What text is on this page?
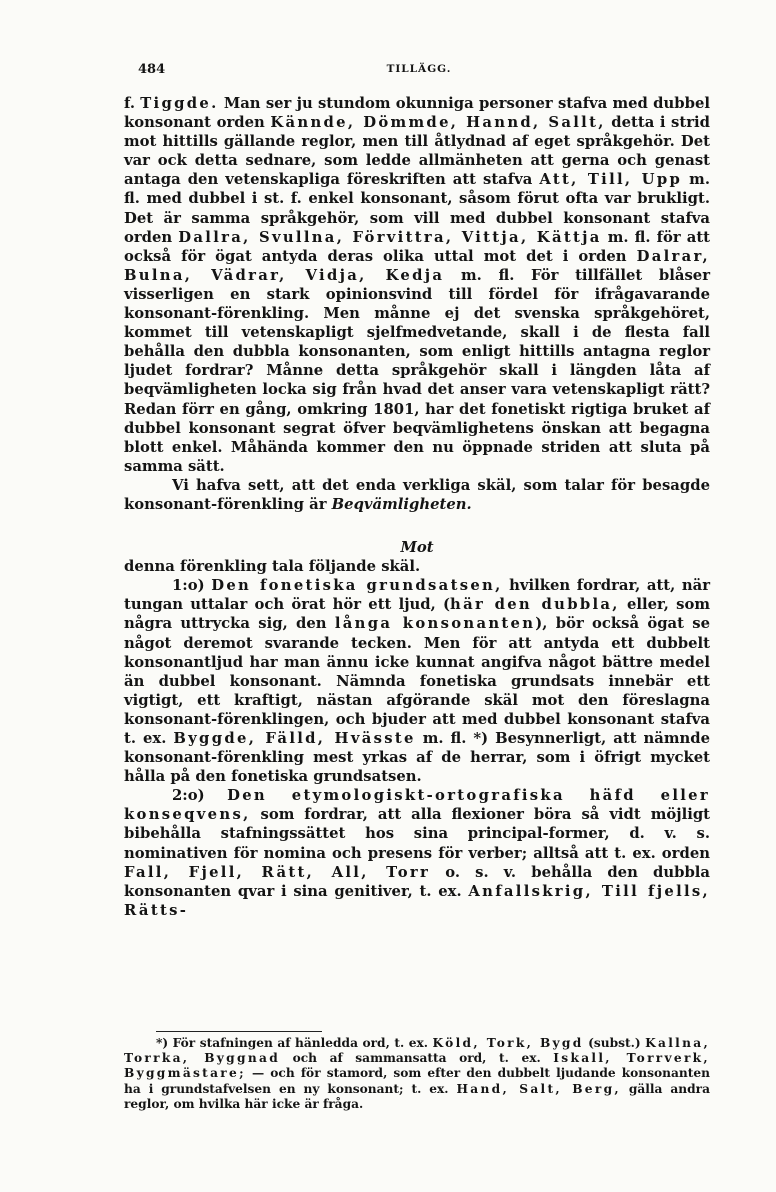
484	TILLÄGG.

f. Tiggde. Man ser ju stundom okunniga personer stafva med dubbel konsonant orden Kännde, Dömmde, Hannd, Sallt, detta i strid mot hittills gällande reglor, men till åtlydnad af eget språkgehör. Det var ock detta sednare, som ledde allmänheten att gerna och genast antaga den vetenskapliga föreskriften att stafva Att, Till, Upp m. fl. med dubbel i st. f. enkel konsonant, såsom förut ofta var brukligt. Det är samma språkgehör, som vill med dubbel konsonant stafva orden Dallra, Svullna, Förvittra, Vittja, Kättja m. fl. för att också för ögat antyda deras olika uttal mot det i orden Dalrar, Bulna, Vädrar, Vidja, Kedja m. fl. För tillfället blåser visserligen en stark opinionsvind till fördel för ifrågavarande konsonant-förenkling. Men månne ej det svenska språkgehöret, kommet till vetenskapligt sjelfmedvetande, skall i de flesta fall behålla den dubbla konsonanten, som enligt hittills antagna reglor ljudet fordrar? Månne detta språkgehör skall i längden låta af beqvämligheten locka sig från hvad det anser vara vetenskapligt rätt? Redan förr en gång, omkring 1801, har det fonetiskt rigtiga bruket af dubbel konsonant segrat öfver beqvämlighetens önskan att begagna blott enkel. Måhända kommer den nu öppnade striden att sluta på samma sätt.

Vi hafva sett, att det enda verkliga skäl, som talar för besagde konsonant-förenkling är Beqvämligheten.

Mot

denna förenkling tala följande skäl.

1:o) Den fonetiska grundsatsen, hvilken fordrar, att, när tungan uttalar och örat hör ett ljud, (här den dubbla, eller, som några uttrycka sig, den långa konsonanten), bör också ögat se något deremot svarande tecken. Men för att antyda ett dubbelt konsonantljud har man ännu icke kunnat angifva något bättre medel än dubbel konsonant. Nämnda fonetiska grundsats innebär ett vigtigt, ett kraftigt, nästan afgörande skäl mot den föreslagna konsonant-förenklingen, och bjuder att med dubbel konsonant stafva t. ex. Byggde, Fälld, Hvässte m. fl. *) Besynnerligt, att nämnde konsonant-förenkling mest yrkas af de herrar, som i öfrigt mycket hålla på den fonetiska grundsatsen.

2:o) Den etymologiskt-ortografiska häfd eller konseqvens, som fordrar, att alla flexioner böra så vidt möjligt bibehålla stafningssättet hos sina principal-former, d. v. s. nominativen för nomina och presens för verber; alltså att t. ex. orden Fall, Fjell, Rätt, All, Torr o. s. v. behålla den dubbla konsonanten qvar i sina genitiver, t. ex. Anfallskrig, Till fjells, Rätts-

*) För stafningen af hänledda ord, t. ex. Köld, Tork, Bygd (subst.) Kallna, Torrka, Byggnad och af sammansatta ord, t. ex. Iskall, Torrverk, Byggmästare; — och för stamord, som efter den dubbelt ljudande konsonanten ha i grundstafvelsen en ny konsonant; t. ex. Hand, Salt, Berg, gälla andra reglor, om hvilka här icke är fråga.
